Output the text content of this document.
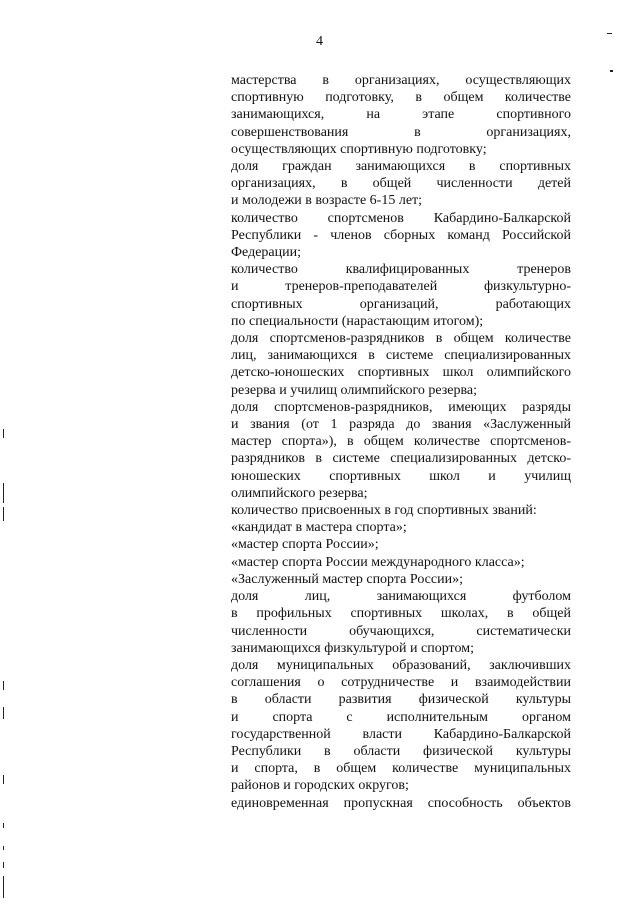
4
мастерства в организациях, осуществляющих
спортивную подготовку, в общем количестве
занимающихся, на этапе спортивного
совершенствования в организациях,
осуществляющих спортивную подготовку;
доля граждан занимающихся в спортивных
организациях, в общей численности детей
и молодежи в возрасте 6-15 лет;
количество спортсменов Кабардино-Балкарской
Республики - членов сборных команд Российской
Федерации;
количество квалифицированных тренеров
и тренеров-преподавателей физкультурно-
спортивных организаций, работающих
по специальности (нарастающим итогом);
доля спортсменов-разрядников в общем количестве
лиц, занимающихся в системе специализированных
детско-юношеских спортивных школ олимпийского
резерва и училищ олимпийского резерва;
доля спортсменов-разрядников, имеющих разряды
и звания (от 1 разряда до звания «Заслуженный
мастер спорта»), в общем количестве спортсменов-
разрядников в системе специализированных детско-
юношеских спортивных школ и училищ
олимпийского резерва;
количество присвоенных в год спортивных званий:
«кандидат в мастера спорта»;
«мастер спорта России»;
«мастер спорта России международного класса»;
«Заслуженный мастер спорта России»;
доля лиц, занимающихся футболом
в профильных спортивных школах, в общей
численности обучающихся, систематически
занимающихся физкультурой и спортом;
доля муниципальных образований, заключивших
соглашения о сотрудничестве и взаимодействии
в области развития физической культуры
и спорта с исполнительным органом
государственной власти Кабардино-Балкарской
Республики в области физической культуры
и спорта, в общем количестве муниципальных
районов и городских округов;
единовременная пропускная способность объектов
